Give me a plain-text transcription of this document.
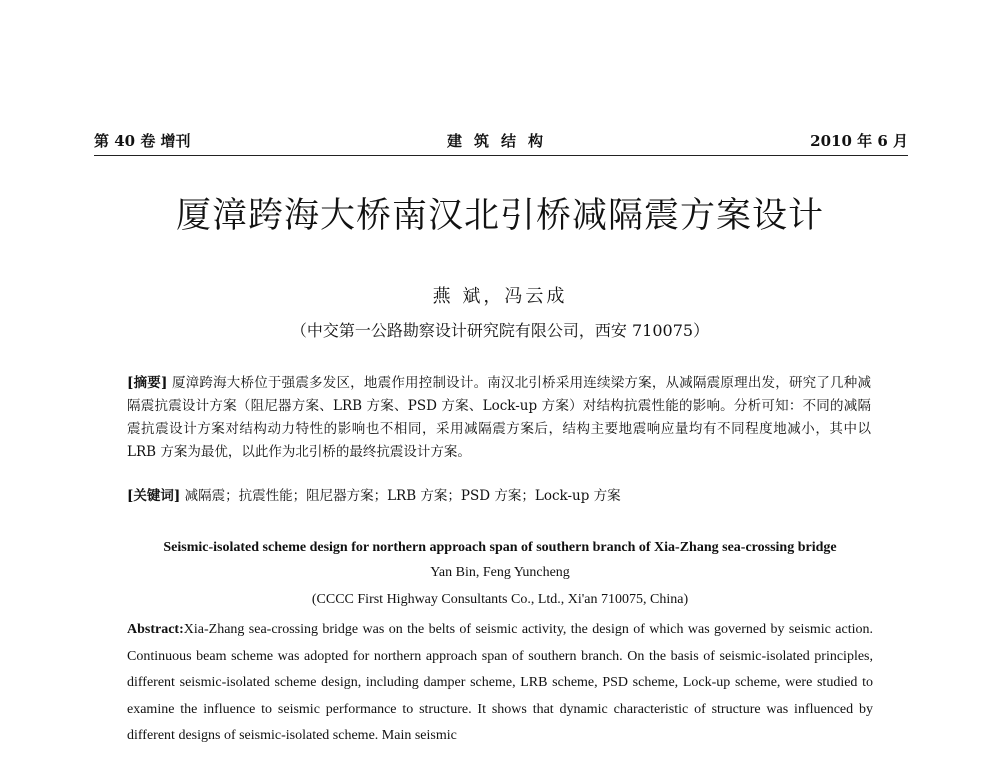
第 40 卷 增刊	建筑结构	2010 年 6 月
厦漳跨海大桥南汉北引桥减隔震方案设计
燕 斌，冯云成
（中交第一公路勘察设计研究院有限公司，西安 710075）
[摘要] 厦漳跨海大桥位于强震多发区，地震作用控制设计。南汉北引桥采用连续梁方案，从减隔震原理出发，研究了几种减隔震抗震设计方案（阻尼器方案、LRB 方案、PSD 方案、Lock-up 方案）对结构抗震性能的影响。分析可知：不同的减隔震抗震设计方案对结构动力特性的影响也不相同，采用减隔震方案后，结构主要地震响应量均有不同程度地减小，其中以 LRB 方案为最优，以此作为北引桥的最终抗震设计方案。
[关键词] 减隔震；抗震性能；阻尼器方案；LRB 方案；PSD 方案；Lock-up 方案
Seismic-isolated scheme design for northern approach span of southern branch of Xia-Zhang sea-crossing bridge
Yan Bin, Feng Yuncheng
(CCCC First Highway Consultants Co., Ltd., Xi'an 710075, China)
Abstract:Xia-Zhang sea-crossing bridge was on the belts of seismic activity, the design of which was governed by seismic action. Continuous beam scheme was adopted for northern approach span of southern branch. On the basis of seismic-isolated principles, different seismic-isolated scheme design, including damper scheme, LRB scheme, PSD scheme, Lock-up scheme, were studied to examine the influence to seismic performance to structure. It shows that dynamic characteristic of structure was influenced by different designs of seismic-isolated scheme. Main seismic
